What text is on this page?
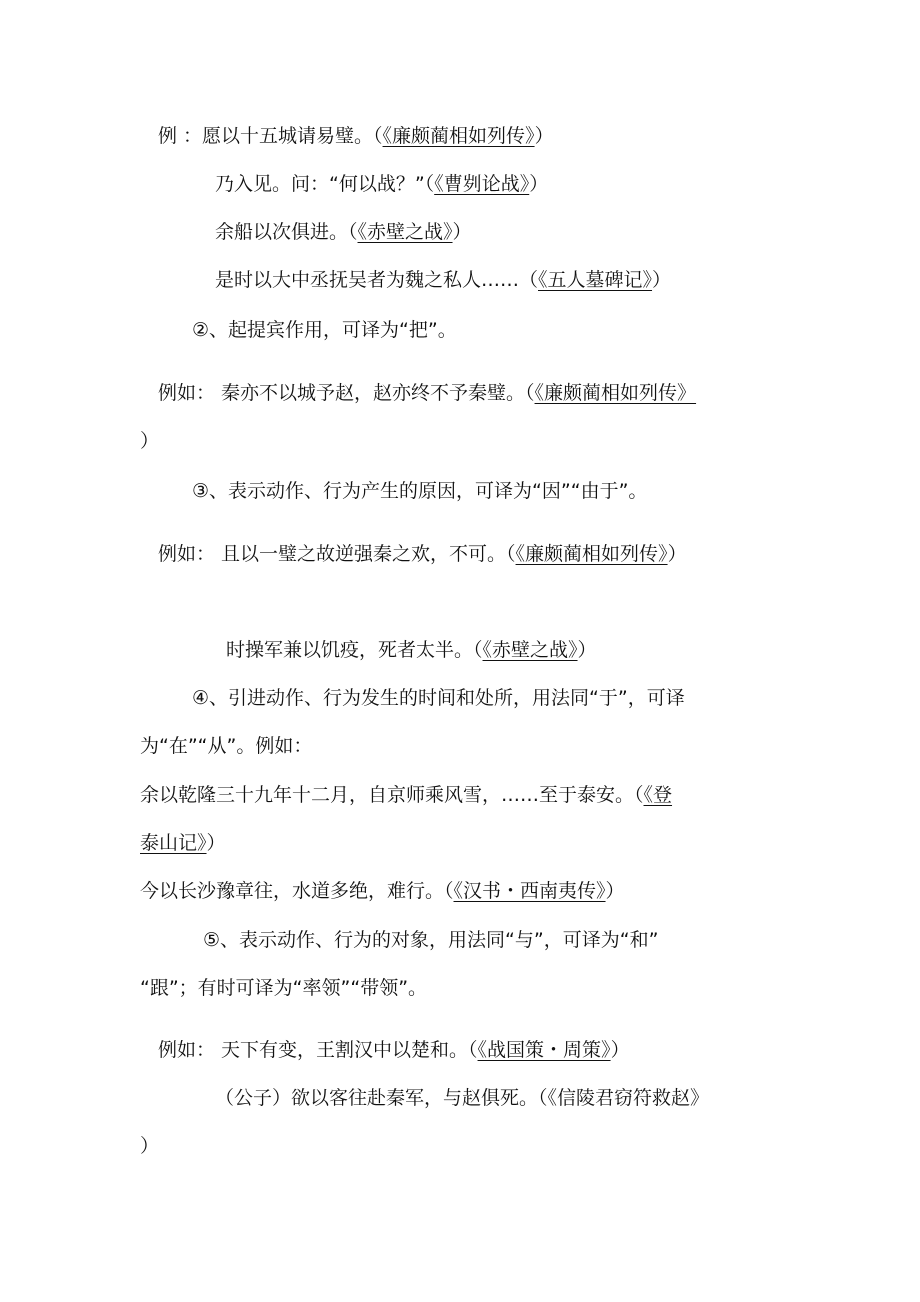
例 ：愿以十五城请易璧。（《廉颇蔺相如列传》）
乃入见。问：“何以战？”（《曹刿论战》）
余船以次俱进。（《赤壁之战》）
是时以大中丞抚吴者为魏之私人……（《五人墓碑记》）
②、起提宾作用，可译为“把”。
例如： 秦亦不以城予赵，赵亦终不予秦璧。（《廉颇蔺相如列传》
）
③、表示动作、行为产生的原因，可译为“因”“由于”。
例如： 且以一璧之故逆强秦之欢，不可。（《廉颇蔺相如列传》）
时操军兼以饥疫，死者太半。（《赤壁之战》）
④、引进动作、行为发生的时间和处所，用法同“于”，可译
为“在”“从”。例如：
余以乾隆三十九年十二月，自京师乘风雪，……至于泰安。（《登
泰山记》）
今以长沙豫章往，水道多绝，难行。（《汉书・西南夷传》）
⑤、表示动作、行为的对象，用法同“与”，可译为“和”
“跟”；有时可译为“率领”“带领”。
例如： 天下有变，王割汉中以楚和。（《战国策・周策》）
（公子）欲以客往赴秦军，与赵俱死。（《信陵君窃符救赵》
）
